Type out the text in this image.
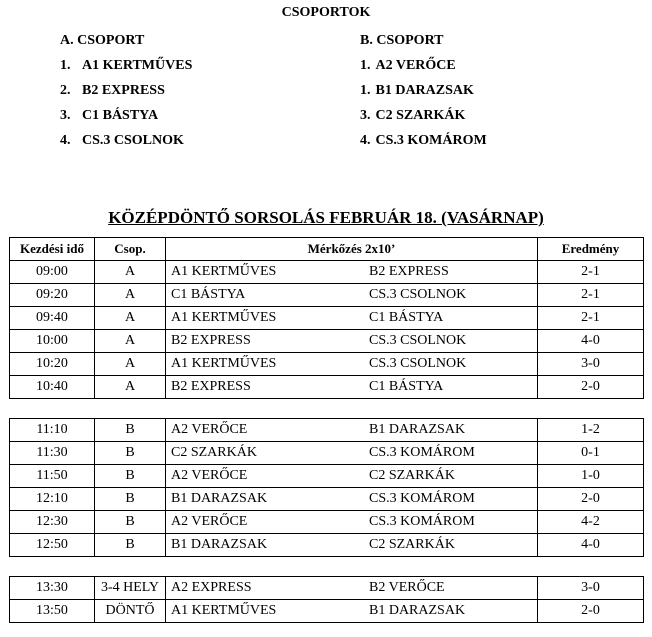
CSOPORTOK
A. CSOPORT
1. A1 KERTMŰVES
2. B2 EXPRESS
3. C1 BÁSTYA
4. CS.3 CSOLNOK
B. CSOPORT
1. A2 VERŐCE
1. B1 DARAZSAK
3. C2 SZARKÁK
4. CS.3 KOMÁROM
KÖZÉPDÖNTŐ SORSOLÁS FEBRUÁR 18. (VASÁRNAP)
Kezdési idő	Csop.	Mérkőzés 2x10’	Eredmény
09:00	A	A1 KERTMŰVES B2 EXPRESS	2-1
09:20	A	C1 BÁSTYA CS.3 CSOLNOK	2-1
09:40	A	A1 KERTMŰVES C1 BÁSTYA	2-1
10:00	A	B2 EXPRESS CS.3 CSOLNOK	4-0
10:20	A	A1 KERTMŰVES CS.3 CSOLNOK	3-0
10:40	A	B2 EXPRESS C1 BÁSTYA	2-0
11:10	B	A2 VERŐCE B1 DARAZSAK	1-2
11:30	B	C2 SZARKÁK CS.3 KOMÁROM	0-1
11:50	B	A2 VERŐCE C2 SZARKÁK	1-0
12:10	B	B1 DARAZSAK CS.3 KOMÁROM	2-0
12:30	B	A2 VERŐCE CS.3 KOMÁROM	4-2
12:50	B	B1 DARAZSAK C2 SZARKÁK	4-0
13:30	3-4 HELY	A2 EXPRESS B2 VERŐCE	3-0
13:50	DÖNTŐ	A1 KERTMŰVES B1 DARAZSAK	2-0
